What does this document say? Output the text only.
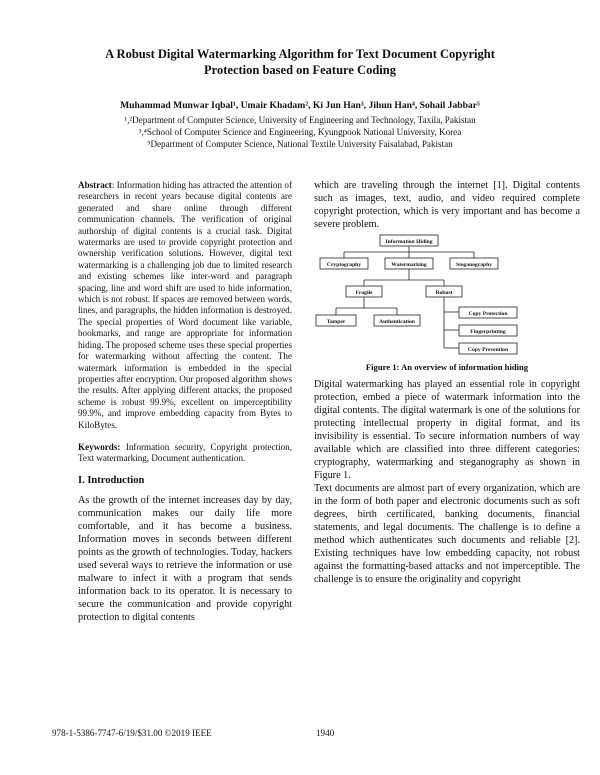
A Robust Digital Watermarking Algorithm for Text Document Copyright
Protection based on Feature Coding
Muhammad Munwar Iqbal¹, Umair Khadam², Ki Jun Han³, Jihun Han⁴, Sohail Jabbar⁵
¹,²Department of Computer Science, University of Engineering and Technology, Taxila, Pakistan
³,⁴School of Computer Science and Engineering, Kyungpook National University, Korea
⁵Department of Computer Science, National Textile University Faisalabad, Pakistan

Abstract: Information hiding has attracted the attention of researchers in recent years because digital contents are generated and share online through different communication channels. The verification of original authorship of digital contents is a crucial task. Digital watermarks are used to provide copyright protection and ownership verification solutions. However, digital text watermarking is a challenging job due to limited research and existing schemes like inter-word and paragraph spacing, line and word shift are used to hide information, which is not robust. If spaces are removed between words, lines, and paragraphs, the hidden information is destroyed. The special properties of Word document like variable, bookmarks, and range are appropriate for information hiding. The proposed scheme uses these special properties for watermarking without affecting the content. The watermark information is embedded in the special properties after encryption. Our proposed algorithm shows the results. After applying different attacks, the proposed scheme is robust 99.9%, excellent on imperceptibility 99.9%, and improve embedding capacity from Bytes to KiloBytes.

Keywords: Information security, Copyright protection, Text watermarking, Document authentication.

I. Introduction

As the growth of the internet increases day by day, communication makes our daily life more comfortable, and it has become a business. Information moves in seconds between different points as the growth of technologies. Today, hackers used several ways to retrieve the information or use malware to infect it with a program that sends information back to its operator. It is necessary to secure the communication and provide copyright protection to digital contents

which are traveling through the internet [1]. Digital contents such as images, text, audio, and video required complete copyright protection, which is very important and has become a severe problem.
Information Hiding
Cryptography	Watermarking	Steganography
Fragile	Robust
Tamper	Authentication
Copy Protection
Fingerprinting
Copy Prevention
Figure 1: An overview of information hiding

Digital watermarking has played an essential role in copyright protection, embed a piece of watermark information into the digital contents. The digital watermark is one of the solutions for protecting intellectual property in digital format, and its invisibility is essential. To secure information numbers of way available which are classified into three different categories: cryptography, watermarking and steganography as shown in Figure 1.

Text documents are almost part of every organization, which are in the form of both paper and electronic documents such as soft degrees, birth certificated, banking documents, financial statements, and legal documents. The challenge is to define a method which authenticates such documents and reliable [2]. Existing techniques have low embedding capacity, not robust against the formatting-based attacks and not imperceptible. The challenge is to ensure the originality and copyright

978-1-5386-7747-6/19/$31.00 ©2019 IEEE	1940
